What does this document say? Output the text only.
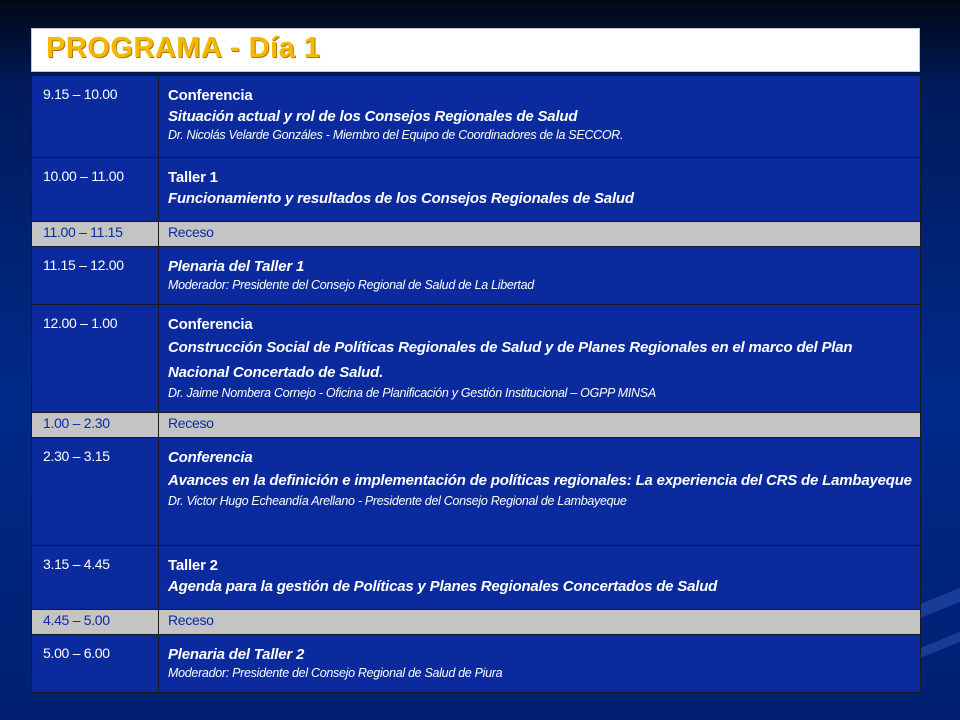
PROGRAMA - Día 1
9.15 – 10.00	Conferencia
Situación actual y rol de los Consejos Regionales de Salud
Dr. Nicolás Velarde Gonzáles - Miembro del Equipo de Coordinadores de la SECCOR.

10.00 – 11.00	Taller 1
Funcionamiento y resultados de los Consejos Regionales de Salud

11.00 – 11.15	Receso
11.15 – 12.00	Plenaria del Taller 1
Moderador: Presidente del Consejo Regional de Salud de La Libertad

12.00 – 1.00	Conferencia
Construcción Social de Políticas Regionales de Salud y de Planes Regionales en el marco del Plan Nacional Concertado de Salud.
Dr. Jaime Nombera Cornejo - Oficina de Planificación y Gestión Institucional – OGPP MINSA

1.00 – 2.30	Receso
2.30 – 3.15	Conferencia
Avances en la definición e implementación de políticas regionales: La experiencia del CRS de Lambayeque
Dr. Victor Hugo Echeandía Arellano - Presidente del Consejo Regional de Lambayeque

3.15 – 4.45	Taller 2
Agenda para la gestión de Políticas y Planes Regionales Concertados de Salud

4.45 – 5.00	Receso
5.00 – 6.00	Plenaria del Taller 2
Moderador: Presidente del Consejo Regional de Salud de Piura
